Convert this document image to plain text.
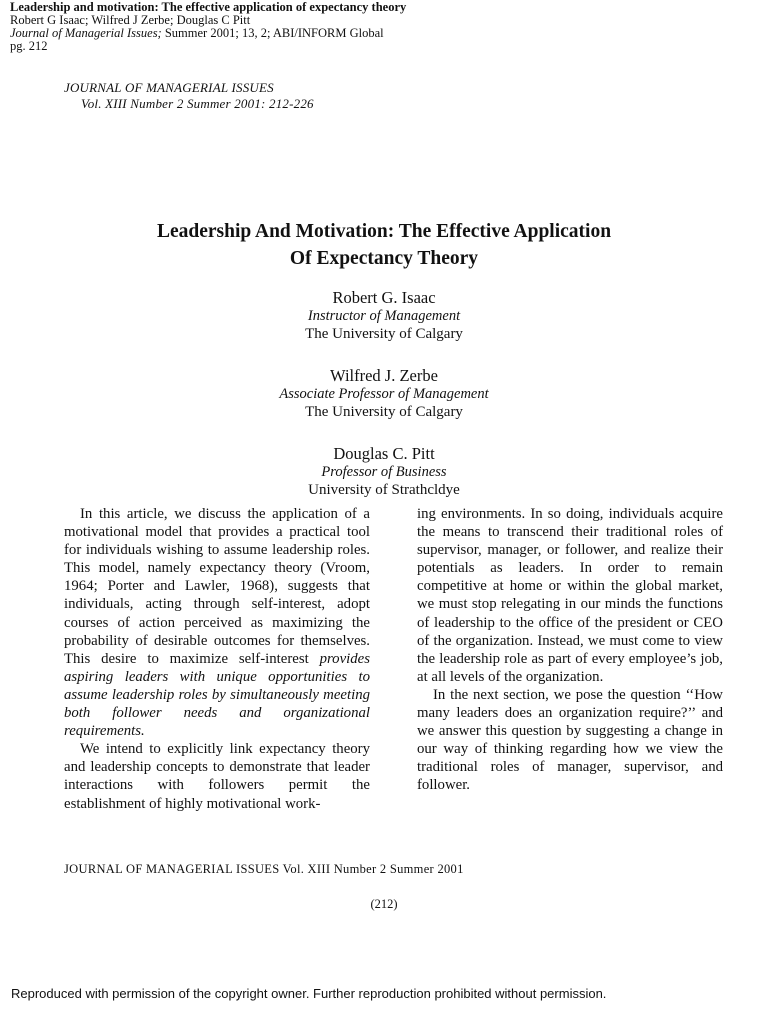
Leadership and motivation: The effective application of expectancy theory
Robert G Isaac; Wilfred J Zerbe; Douglas C Pitt
Journal of Managerial Issues; Summer 2001; 13, 2; ABI/INFORM Global
pg. 212
JOURNAL OF MANAGERIAL ISSUES
Vol. XIII Number 2 Summer 2001: 212-226
Leadership And Motivation: The Effective Application
Of Expectancy Theory
Robert G. Isaac
Instructor of Management
The University of Calgary
Wilfred J. Zerbe
Associate Professor of Management
The University of Calgary
Douglas C. Pitt
Professor of Business
University of Strathcldye

In this article, we discuss the application of a motivational model that provides a practical tool for individuals wishing to assume leadership roles. This model, namely expectancy theory (Vroom, 1964; Porter and Lawler, 1968), suggests that individuals, acting through self-interest, adopt courses of action perceived as maximizing the probability of desirable outcomes for themselves. This desire to maximize self-interest provides aspiring leaders with unique opportunities to assume leadership roles by simultaneously meeting both follower needs and organizational requirements.

We intend to explicitly link expectancy theory and leadership concepts to demonstrate that leader interactions with followers permit the establishment of highly motivational work-

ing environments. In so doing, individuals acquire the means to transcend their traditional roles of supervisor, manager, or follower, and realize their potentials as leaders. In order to remain competitive at home or within the global market, we must stop relegating in our minds the functions of leadership to the office of the president or CEO of the organization. Instead, we must come to view the leadership role as part of every employee’s job, at all levels of the organization.

In the next section, we pose the question ‘‘How many leaders does an organization require?’’ and we answer this question by suggesting a change in our way of thinking regarding how we view the traditional roles of manager, supervisor, and follower.

JOURNAL OF MANAGERIAL ISSUES Vol. XIII Number 2 Summer 2001
(212)
Reproduced with permission of the copyright owner. Further reproduction prohibited without permission.
